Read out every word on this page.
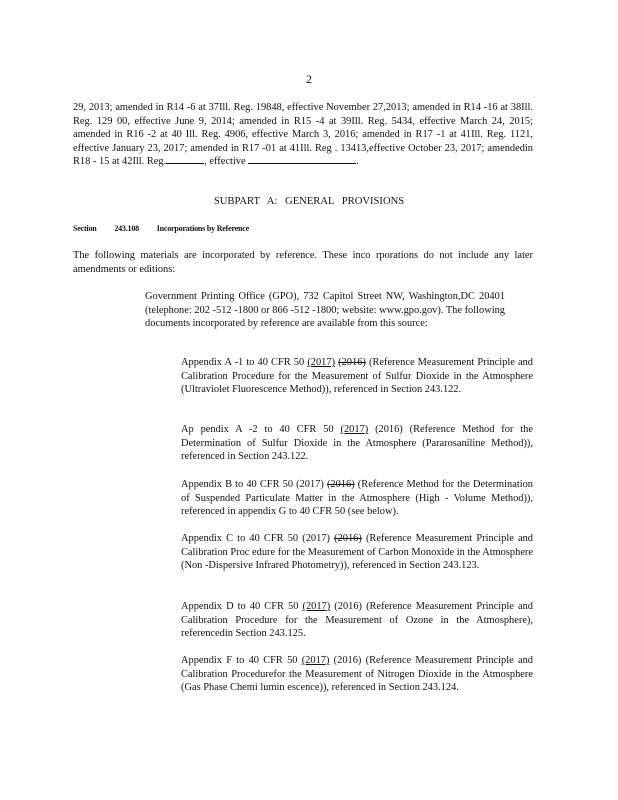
2
29, 2013; amended in R14 -6 at 37Ill. Reg. 19848, effective November 27,2013; amended in R14 -16 at 38Ill. Reg. 129 00, effective June 9, 2014; amended in R15 -4 at 39Ill. Reg. 5434, effective March 24, 2015; amended in R16 -2 at 40 Ill. Reg. 4906, effective March 3, 2016; amended in R17 -1 at 41Ill. Reg. 1121, effective January 23, 2017; amended in R17 -01 at 41Ill. Reg . 13413,effective October 23, 2017; amendedin R18 - 15 at 42Ill. Reg.	, effective	.
SUBPART A: GENERAL PROVISIONS
Section 243.108 Incorporations by Reference
The following materials are incorporated by reference. These inco rporations do not include any later amendments or editions:
Government Printing Office (GPO), 732 Capitol Street NW, Washington,DC 20401 (telephone: 202 -512 -1800 or 866 -512 -1800; website: www.gpo.gov). The following documents incorporated by reference are available from this source:
Appendix A -1 to 40 CFR 50 (2017) (2016) (Reference Measurement Principle and Calibration Procedure for the Measurement of Sulfur Dioxide in the Atmosphere (Ultraviolet Fluorescence Method)), referenced in Section 243.122.
Ap pendix A -2 to 40 CFR 50 (2017) (2016) (Reference Method for the Determination of Sulfur Dioxide in the Atmosphere (Pararosaniline Method)), referenced in Section 243.122.
Appendix B to 40 CFR 50 (2017) (2016) (Reference Method for the Determination of Suspended Particulate Matter in the Atmosphere (High - Volume Method)), referenced in appendix G to 40 CFR 50 (see below).
Appendix C to 40 CFR 50 (2017) (2016) (Reference Measurement Principle and Calibration Proc edure for the Measurement of Carbon Monoxide in the Atmosphere (Non -Dispersive Infrared Photometry)), referenced in Section 243.123.
Appendix D to 40 CFR 50 (2017) (2016) (Reference Measurement Principle and Calibration Procedure for the Measurement of Ozone in the Atmosphere), referencedin Section 243.125.
Appendix F to 40 CFR 50 (2017) (2016) (Reference Measurement Principle and Calibration Procedurefor the Measurement of Nitrogen Dioxide in the Atmosphere (Gas Phase Chemi lumin escence)), referenced in Section 243.124.
